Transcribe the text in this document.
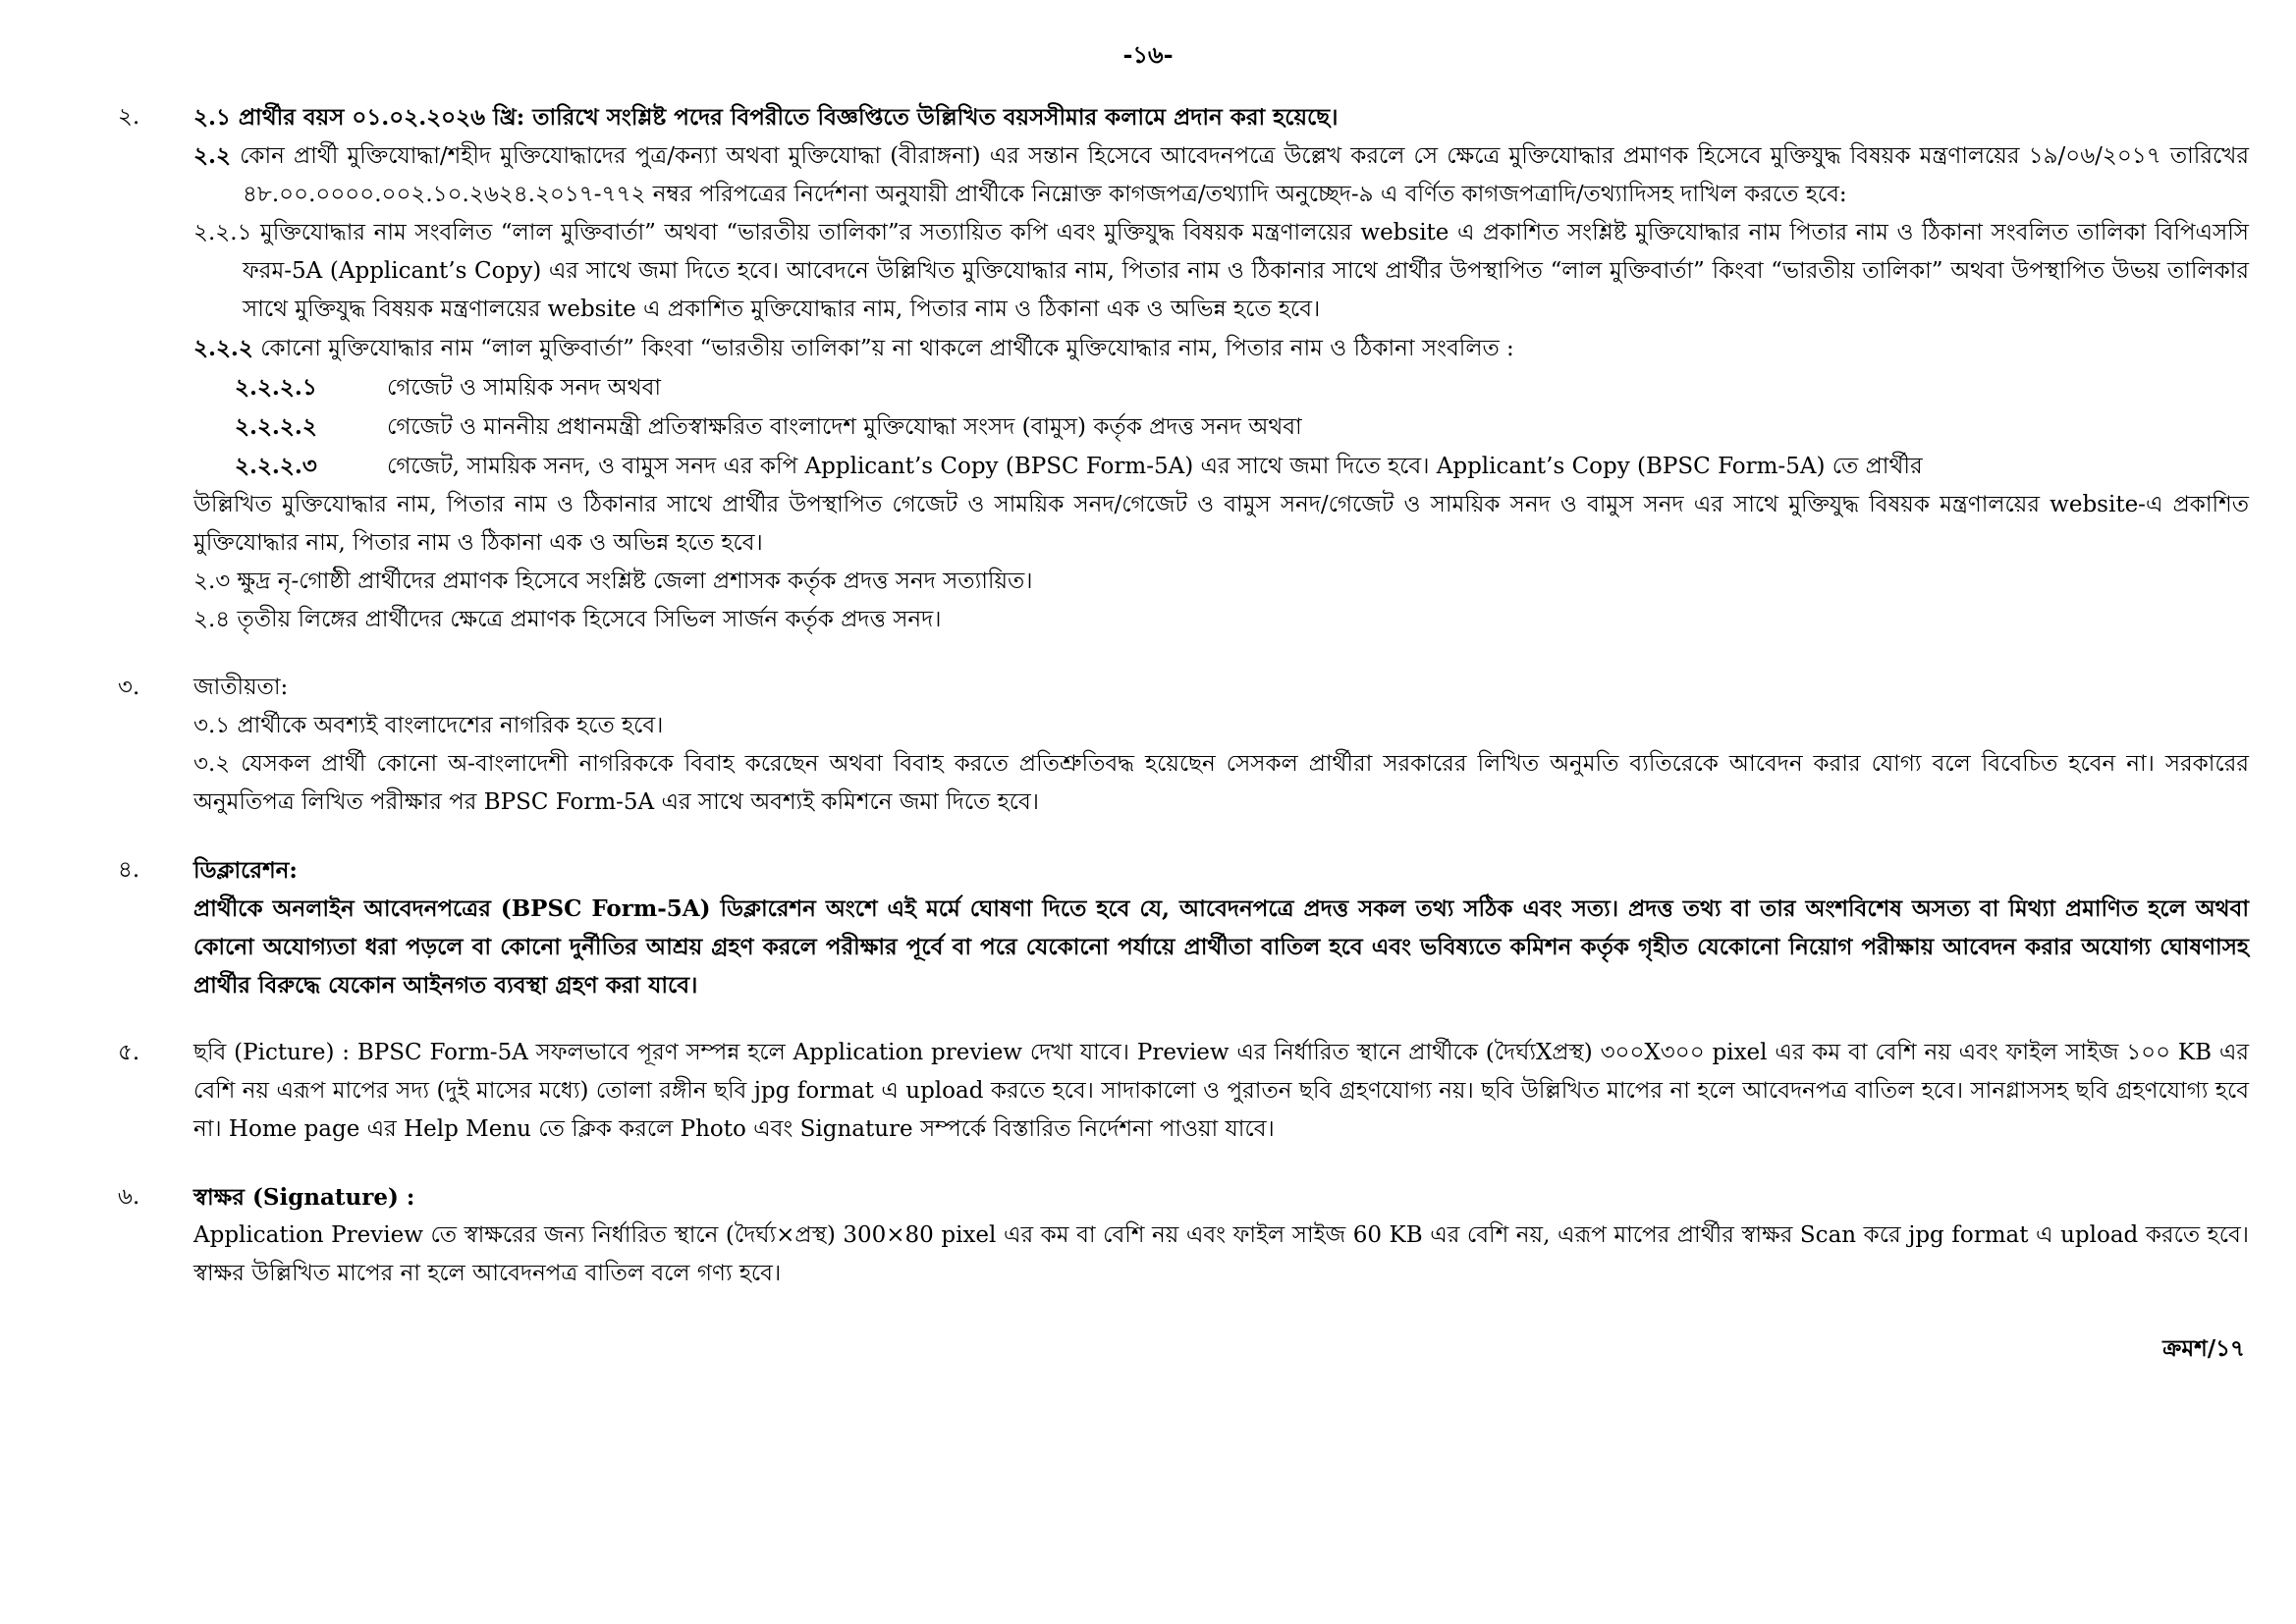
-১৬-
২. ২.১ প্রার্থীর বয়স ০১.০২.২০২৬ খ্রি: তারিখে সংশ্লিষ্ট পদের বিপরীতে বিজ্ঞপ্তিতে উল্লিখিত বয়সসীমার কলামে প্রদান করা হয়েছে।
২.২ কোন প্রার্থী মুক্তিযোদ্ধা/শহীদ মুক্তিযোদ্ধাদের পুত্র/কন্যা অথবা মুক্তিযোদ্ধা (বীরাঙ্গনা) এর সন্তান হিসেবে আবেদনপত্রে উল্লেখ করলে সে ক্ষেত্রে মুক্তিযোদ্ধার প্রমাণক হিসেবে মুক্তিযুদ্ধ বিষয়ক মন্ত্রণালয়ের ১৯/০৬/২০১৭ তারিখের ৪৮.০০.০০০০.০০২.১০.২৬২৪.২০১৭-৭৭২ নম্বর পরিপত্রের নির্দেশনা অনুযায়ী প্রার্থীকে নিম্নোক্ত কাগজপত্র/তথ্যাদি অনুচ্ছেদ-৯ এ বর্ণিত কাগজপত্রাদি/তথ্যাদিসহ দাখিল করতে হবে:
২.২.১ মুক্তিযোদ্ধার নাম সংবলিত “লাল মুক্তিবার্তা” অথবা “ভারতীয় তালিকা”র সত্যায়িত কপি এবং মুক্তিযুদ্ধ বিষয়ক মন্ত্রণালয়ের website এ প্রকাশিত সংশ্লিষ্ট মুক্তিযোদ্ধার নাম পিতার নাম ও ঠিকানা সংবলিত তালিকা বিপিএসসি ফরম-5A (Applicant’s Copy) এর সাথে জমা দিতে হবে। আবেদনে উল্লিখিত মুক্তিযোদ্ধার নাম, পিতার নাম ও ঠিকানার সাথে প্রার্থীর উপস্থাপিত “লাল মুক্তিবার্তা” কিংবা “ভারতীয় তালিকা” অথবা উপস্থাপিত উভয় তালিকার সাথে মুক্তিযুদ্ধ বিষয়ক মন্ত্রণালয়ের website এ প্রকাশিত মুক্তিযোদ্ধার নাম, পিতার নাম ও ঠিকানা এক ও অভিন্ন হতে হবে।
২.২.২ কোনো মুক্তিযোদ্ধার নাম “লাল মুক্তিবার্তা” কিংবা “ভারতীয় তালিকা”য় না থাকলে প্রার্থীকে মুক্তিযোদ্ধার নাম, পিতার নাম ও ঠিকানা সংবলিত :
২.২.২.১	গেজেট ও সাময়িক সনদ অথবা
২.২.২.২	গেজেট ও মাননীয় প্রধানমন্ত্রী প্রতিস্বাক্ষরিত বাংলাদেশ মুক্তিযোদ্ধা সংসদ (বামুস) কর্তৃক প্রদত্ত সনদ অথবা
২.২.২.৩	গেজেট, সাময়িক সনদ, ও বামুস সনদ এর কপি Applicant’s Copy (BPSC Form-5A) এর সাথে জমা দিতে হবে। Applicant’s Copy (BPSC Form-5A) তে প্রার্থীর
উল্লিখিত মুক্তিযোদ্ধার নাম, পিতার নাম ও ঠিকানার সাথে প্রার্থীর উপস্থাপিত গেজেট ও সাময়িক সনদ/গেজেট ও বামুস সনদ/গেজেট ও সাময়িক সনদ ও বামুস সনদ এর সাথে মুক্তিযুদ্ধ বিষয়ক মন্ত্রণালয়ের website-এ প্রকাশিত মুক্তিযোদ্ধার নাম, পিতার নাম ও ঠিকানা এক ও অভিন্ন হতে হবে।
২.৩ ক্ষুদ্র নৃ-গোষ্ঠী প্রার্থীদের প্রমাণক হিসেবে সংশ্লিষ্ট জেলা প্রশাসক কর্তৃক প্রদত্ত সনদ সত্যায়িত।
২.৪ তৃতীয় লিঙ্গের প্রার্থীদের ক্ষেত্রে প্রমাণক হিসেবে সিভিল সার্জন কর্তৃক প্রদত্ত সনদ।
৩. জাতীয়তা:
৩.১ প্রার্থীকে অবশ্যই বাংলাদেশের নাগরিক হতে হবে।
৩.২ যেসকল প্রার্থী কোনো অ-বাংলাদেশী নাগরিককে বিবাহ করেছেন অথবা বিবাহ করতে প্রতিশ্রুতিবদ্ধ হয়েছেন সেসকল প্রার্থীরা সরকারের লিখিত অনুমতি ব্যতিরেকে আবেদন করার যোগ্য বলে বিবেচিত হবেন না। সরকারের অনুমতিপত্র লিখিত পরীক্ষার পর BPSC Form-5A এর সাথে অবশ্যই কমিশনে জমা দিতে হবে।
৪. ডিক্লারেশন:
প্রার্থীকে অনলাইন আবেদনপত্রের (BPSC Form-5A) ডিক্লারেশন অংশে এই মর্মে ঘোষণা দিতে হবে যে, আবেদনপত্রে প্রদত্ত সকল তথ্য সঠিক এবং সত্য। প্রদত্ত তথ্য বা তার অংশবিশেষ অসত্য বা মিথ্যা প্রমাণিত হলে অথবা কোনো অযোগ্যতা ধরা পড়লে বা কোনো দুর্নীতির আশ্রয় গ্রহণ করলে পরীক্ষার পূর্বে বা পরে যেকোনো পর্যায়ে প্রার্থীতা বাতিল হবে এবং ভবিষ্যতে কমিশন কর্তৃক গৃহীত যেকোনো নিয়োগ পরীক্ষায় আবেদন করার অযোগ্য ঘোষণাসহ প্রার্থীর বিরুদ্ধে যেকোন আইনগত ব্যবস্থা গ্রহণ করা যাবে।
৫. ছবি (Picture) : BPSC Form-5A সফলভাবে পূরণ সম্পন্ন হলে Application preview দেখা যাবে। Preview এর নির্ধারিত স্থানে প্রার্থীকে (দৈর্ঘ্যXপ্রস্থ) ৩০০X৩০০ pixel এর কম বা বেশি নয় এবং ফাইল সাইজ ১০০ KB এর বেশি নয় এরূপ মাপের সদ্য (দুই মাসের মধ্যে) তোলা রঙ্গীন ছবি jpg format এ upload করতে হবে। সাদাকালো ও পুরাতন ছবি গ্রহণযোগ্য নয়। ছবি উল্লিখিত মাপের না হলে আবেদনপত্র বাতিল হবে। সানগ্লাসসহ ছবি গ্রহণযোগ্য হবে না। Home page এর Help Menu তে ক্লিক করলে Photo এবং Signature সম্পর্কে বিস্তারিত নির্দেশনা পাওয়া যাবে।
৬. স্বাক্ষর (Signature) :
Application Preview তে স্বাক্ষরের জন্য নির্ধারিত স্থানে (দৈর্ঘ্য×প্রস্থ) 300×80 pixel এর কম বা বেশি নয় এবং ফাইল সাইজ 60 KB এর বেশি নয়, এরূপ মাপের প্রার্থীর স্বাক্ষর Scan করে jpg format এ upload করতে হবে। স্বাক্ষর উল্লিখিত মাপের না হলে আবেদনপত্র বাতিল বলে গণ্য হবে।
ক্রমশ/১৭
